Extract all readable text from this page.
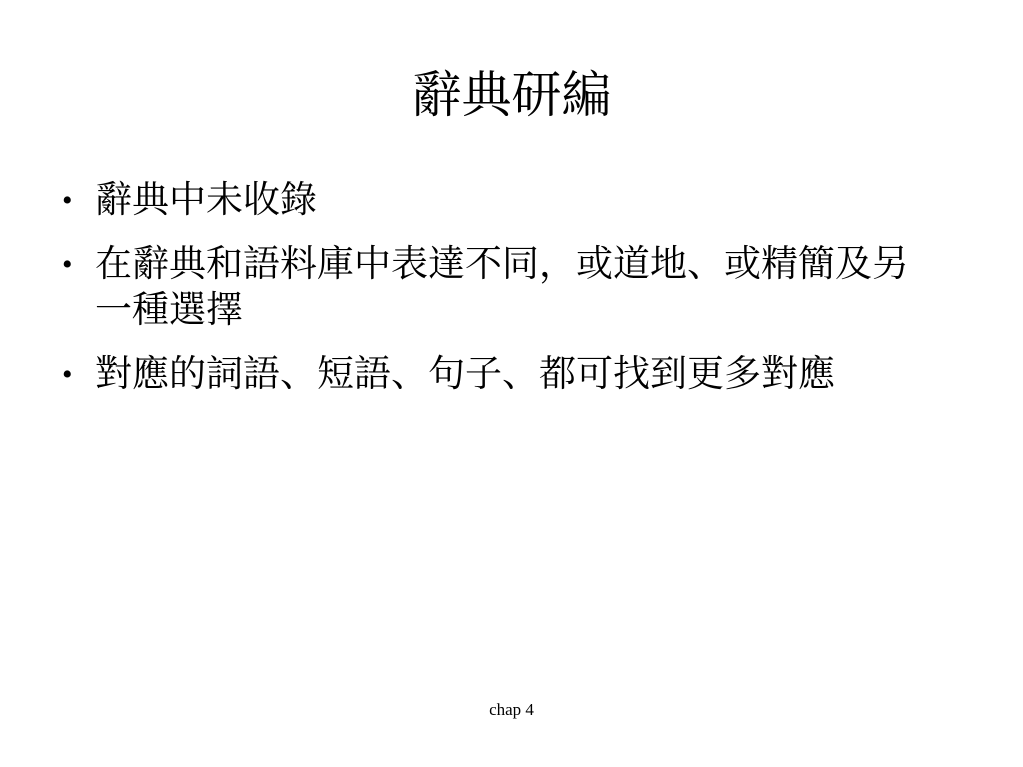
辭典研編
• 辭典中未收錄
• 在辭典和語料庫中表達不同，或道地、或精簡及另一種選擇
• 對應的詞語、短語、句子、都可找到更多對應
chap 4
